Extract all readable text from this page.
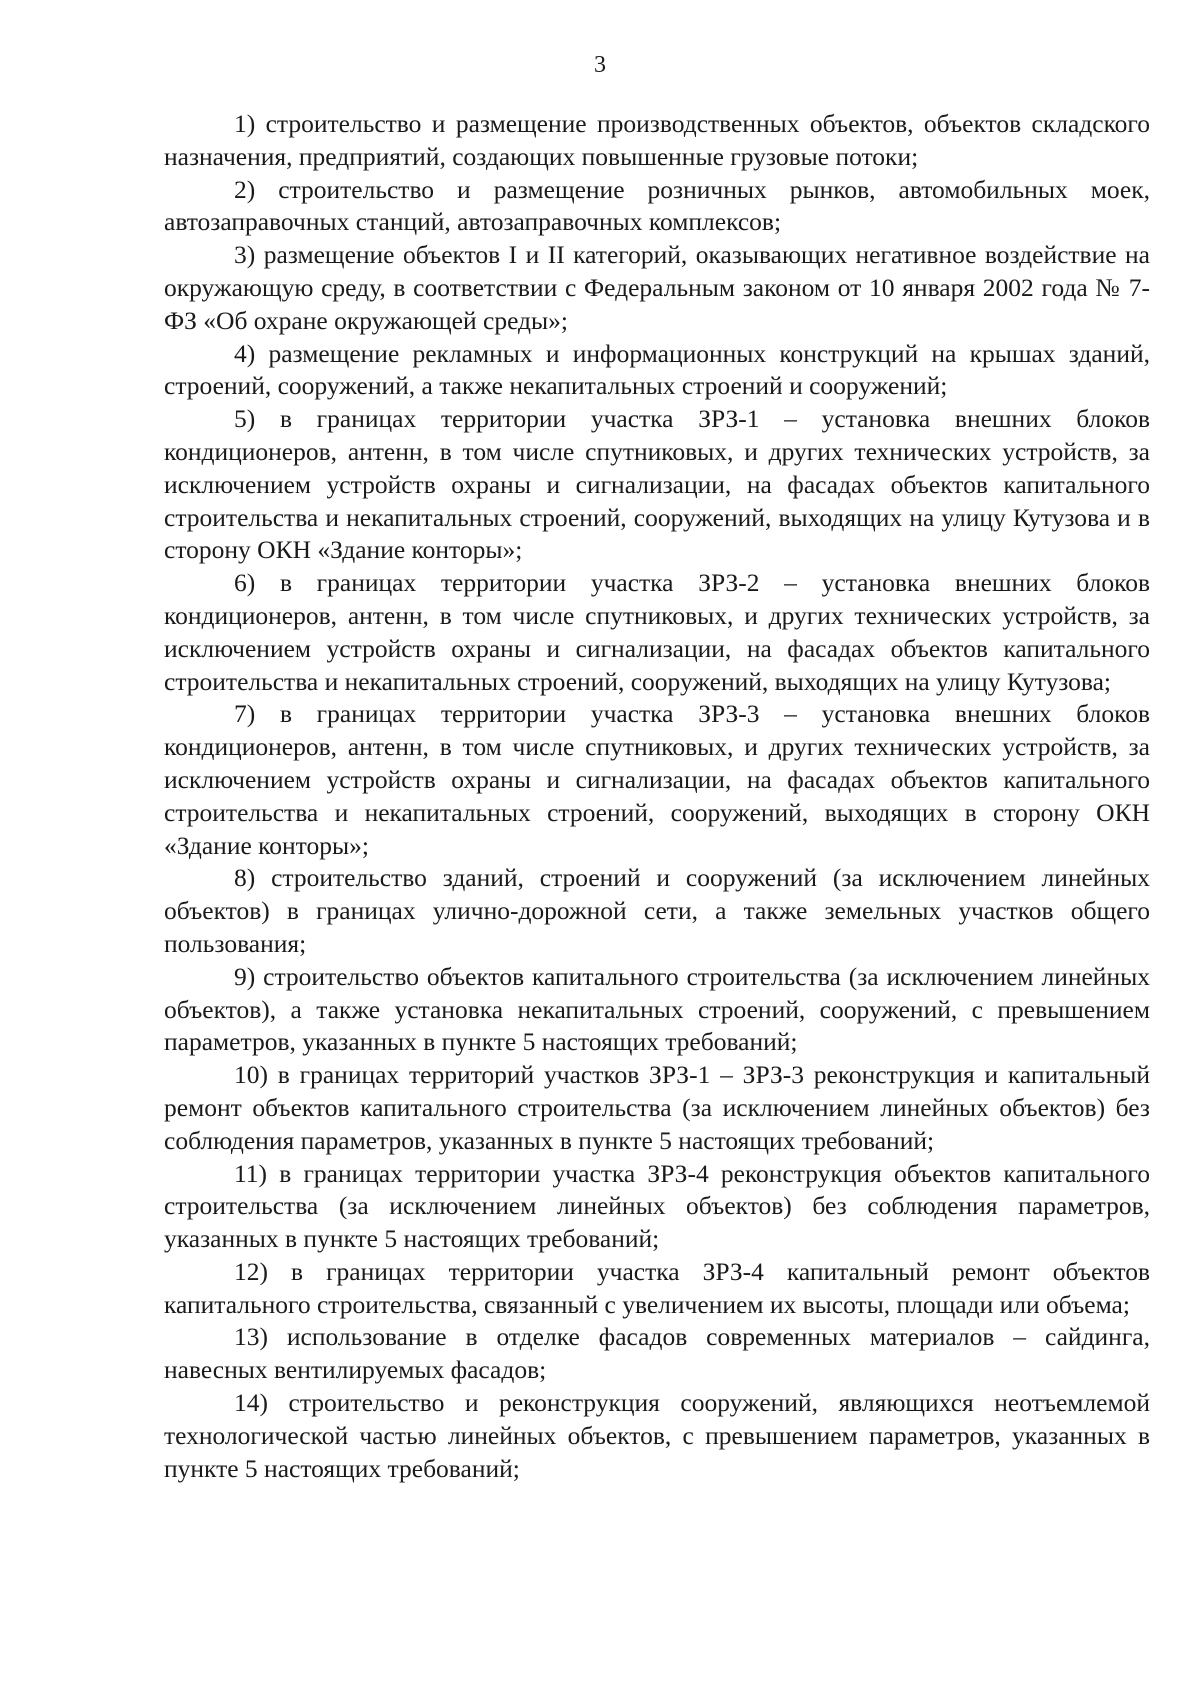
3

1) строительство и размещение производственных объектов, объектов складского назначения, предприятий, создающих повышенные грузовые потоки;

2) строительство и размещение розничных рынков, автомобильных моек, автозаправочных станций, автозаправочных комплексов;

3) размещение объектов I и II категорий, оказывающих негативное воздействие на окружающую среду, в соответствии с Федеральным законом от 10 января 2002 года № 7-ФЗ «Об охране окружающей среды»;

4) размещение рекламных и информационных конструкций на крышах зданий, строений, сооружений, а также некапитальных строений и сооружений;

5) в границах территории участка ЗРЗ-1 – установка внешних блоков кондиционеров, антенн, в том числе спутниковых, и других технических устройств, за исключением устройств охраны и сигнализации, на фасадах объектов капитального строительства и некапитальных строений, сооружений, выходящих на улицу Кутузова и в сторону ОКН «Здание конторы»;

6) в границах территории участка ЗРЗ-2 – установка внешних блоков кондиционеров, антенн, в том числе спутниковых, и других технических устройств, за исключением устройств охраны и сигнализации, на фасадах объектов капитального строительства и некапитальных строений, сооружений, выходящих на улицу Кутузова;

7) в границах территории участка ЗРЗ-3 – установка внешних блоков кондиционеров, антенн, в том числе спутниковых, и других технических устройств, за исключением устройств охраны и сигнализации, на фасадах объектов капитального строительства и некапитальных строений, сооружений, выходящих в сторону ОКН «Здание конторы»;

8) строительство зданий, строений и сооружений (за исключением линейных объектов) в границах улично-дорожной сети, а также земельных участков общего пользования;

9) строительство объектов капитального строительства (за исключением линейных объектов), а также установка некапитальных строений, сооружений, с превышением параметров, указанных в пункте 5 настоящих требований;

10) в границах территорий участков ЗРЗ-1 – ЗРЗ-3 реконструкция и капитальный ремонт объектов капитального строительства (за исключением линейных объектов) без соблюдения параметров, указанных в пункте 5 настоящих требований;

11) в границах территории участка ЗРЗ-4 реконструкция объектов капитального строительства (за исключением линейных объектов) без соблюдения параметров, указанных в пункте 5 настоящих требований;

12) в границах территории участка ЗРЗ-4 капитальный ремонт объектов капитального строительства, связанный с увеличением их высоты, площади или объема;

13) использование в отделке фасадов современных материалов – сайдинга, навесных вентилируемых фасадов;

14) строительство и реконструкция сооружений, являющихся неотъемлемой технологической частью линейных объектов, с превышением параметров, указанных в пункте 5 настоящих требований;
